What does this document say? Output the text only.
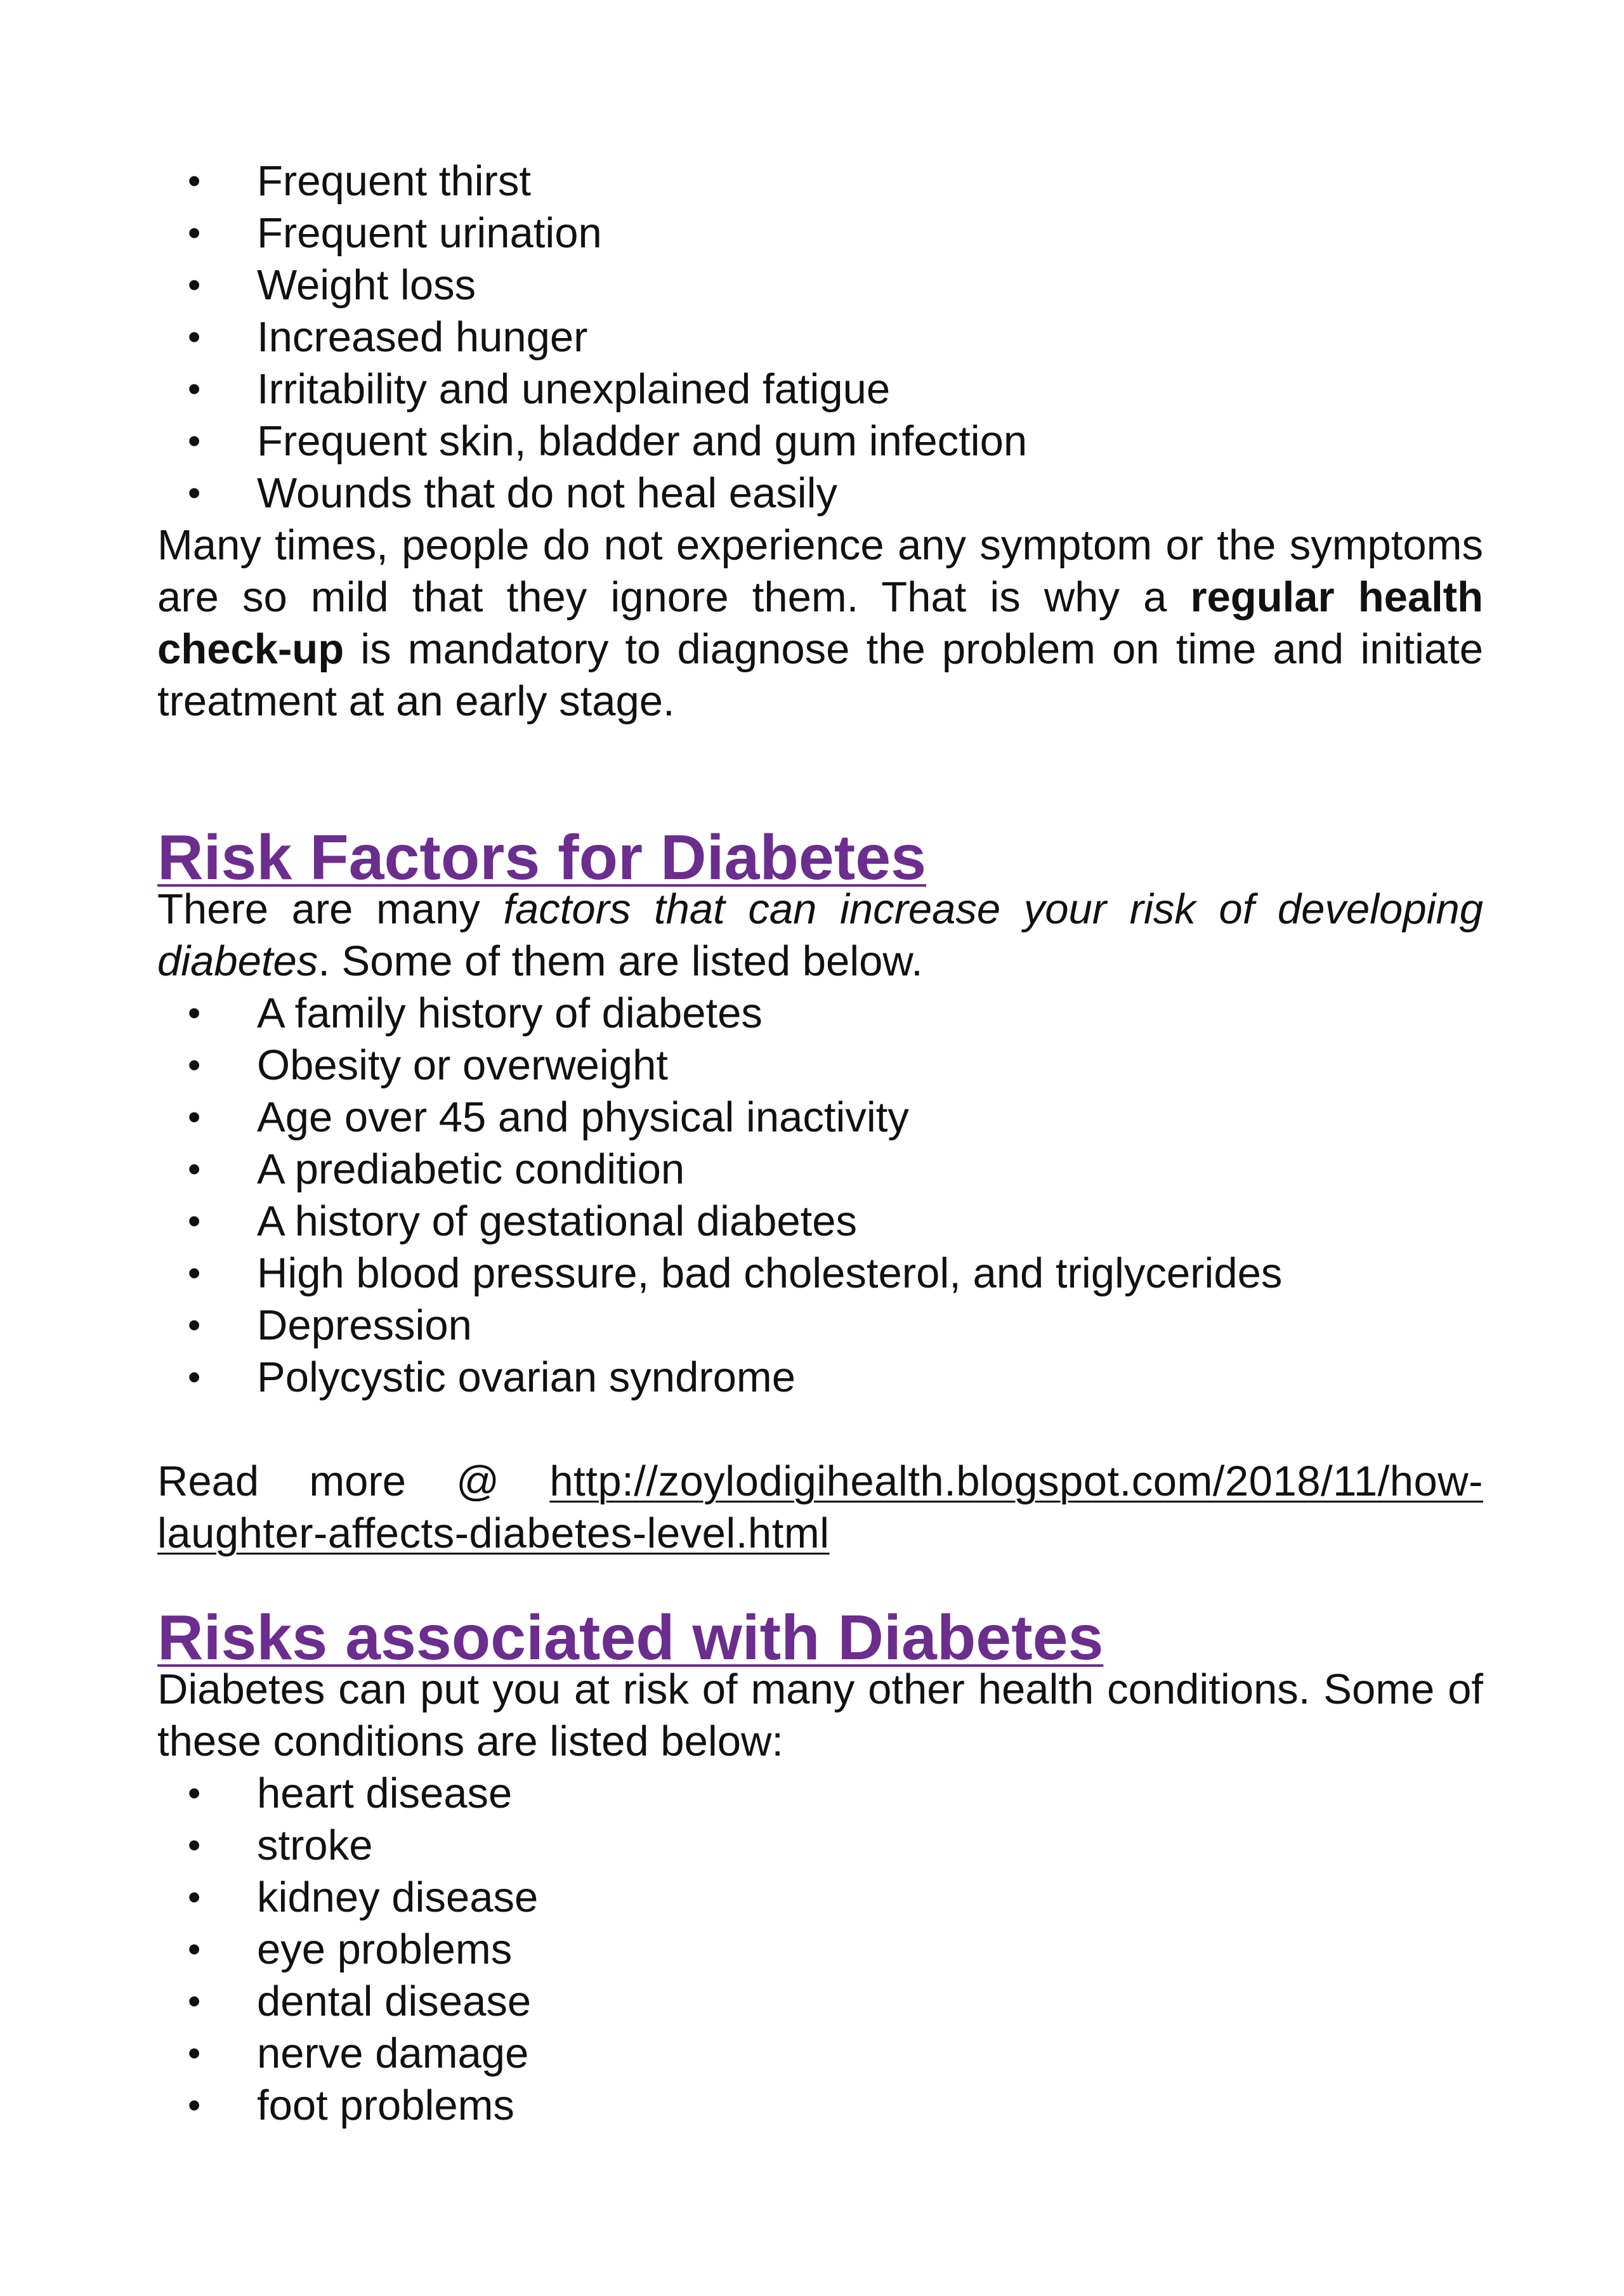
• Frequent thirst
• Frequent urination
• Weight loss
• Increased hunger
• Irritability and unexplained fatigue
• Frequent skin, bladder and gum infection
• Wounds that do not heal easily

Many times, people do not experience any symptom or the symptoms are so mild that they ignore them. That is why a regular health check-up is mandatory to diagnose the problem on time and initiate treatment at an early stage.

Risk Factors for Diabetes

There are many factors that can increase your risk of developing diabetes. Some of them are listed below.

• A family history of diabetes
• Obesity or overweight
• Age over 45 and physical inactivity
• A prediabetic condition
• A history of gestational diabetes
• High blood pressure, bad cholesterol, and triglycerides
• Depression
• Polycystic ovarian syndrome

Read more @ http://zoylodigihealth.blogspot.com/2018/11/how-laughter-affects-diabetes-level.html

Risks associated with Diabetes

Diabetes can put you at risk of many other health conditions. Some of these conditions are listed below:

• heart disease
• stroke
• kidney disease
• eye problems
• dental disease
• nerve damage
• foot problems
